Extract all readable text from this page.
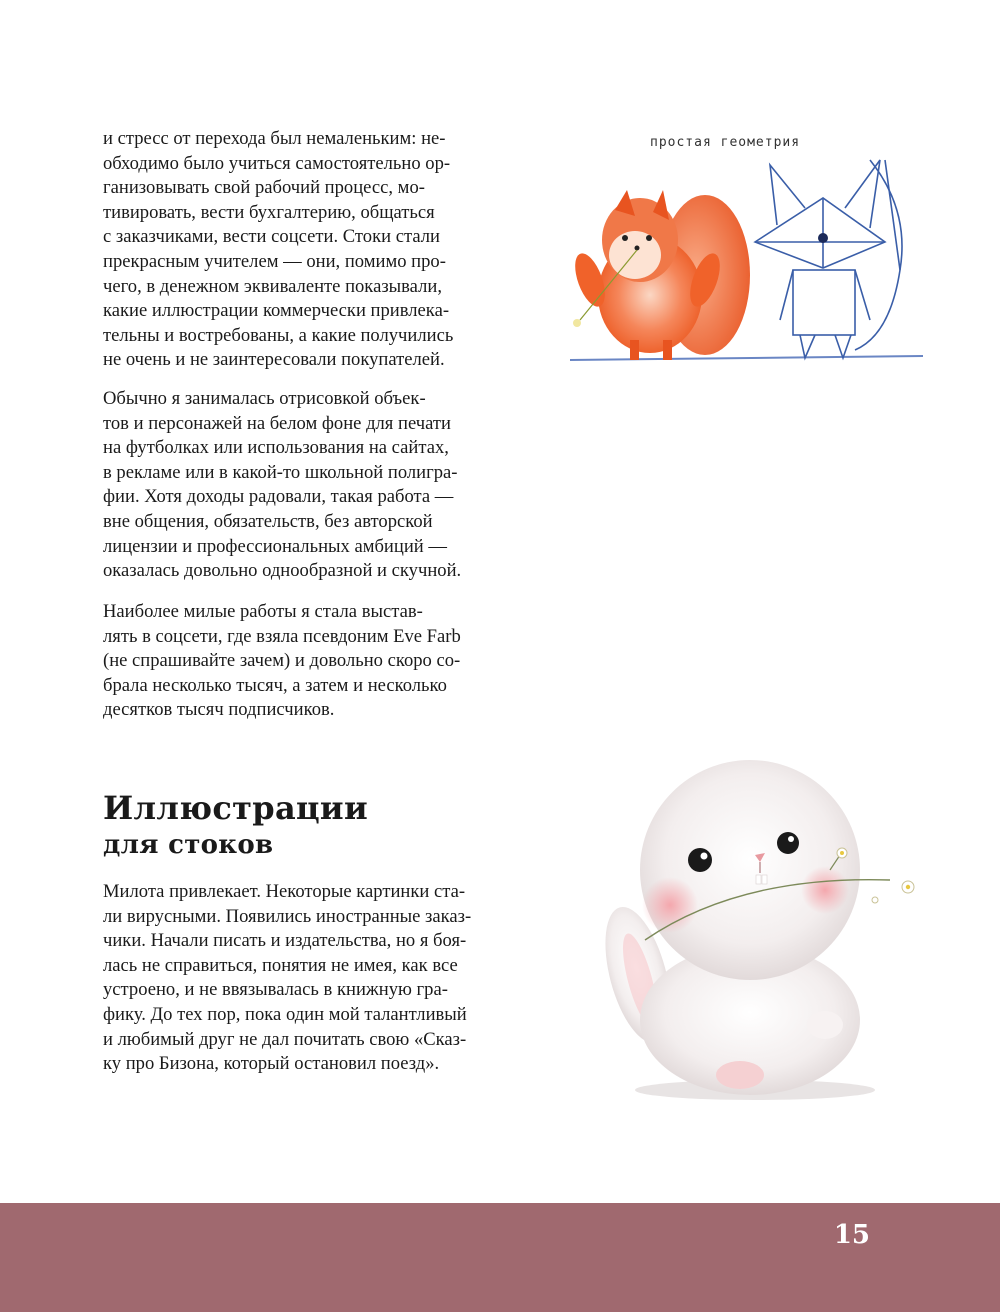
и стресс от перехода был немаленьким: не-
обходимо было учиться самостоятельно ор-
ганизовывать свой рабочий процесс, мо-
тивировать, вести бухгалтерию, общаться
с заказчиками, вести соцсети. Стоки стали
прекрасным учителем — они, помимо про-
чего, в денежном эквиваленте показывали,
какие иллюстрации коммерчески привлека-
тельны и востребованы, а какие получились
не очень и не заинтересовали покупателей.

Обычно я занималась отрисовкой объек-
тов и персонажей на белом фоне для печати
на футболках или использования на сайтах,
в рекламе или в какой-то школьной полигра-
фии. Хотя доходы радовали, такая работа —
вне общения, обязательств, без авторской
лицензии и профессиональных амбиций —
оказалась довольно однообразной и скучной.

Наиболее милые работы я стала выстав-
лять в соцсети, где взяла псевдоним Eve Farb
(не спрашивайте зачем) и довольно скоро со-
брала несколько тысяч, а затем и несколько
десятков тысяч подписчиков.

Иллюстрации
для стоков

Милота привлекает. Некоторые картинки ста-
ли вирусными. Появились иностранные заказ-
чики. Начали писать и издательства, но я боя-
лась не справиться, понятия не имея, как все
устроено, и не ввязывалась в книжную гра-
фику. До тех пор, пока один мой талантливый
и любимый друг не дал почитать свою «Сказ-
ку про Бизона, который остановил поезд».

простая геометрия
15
